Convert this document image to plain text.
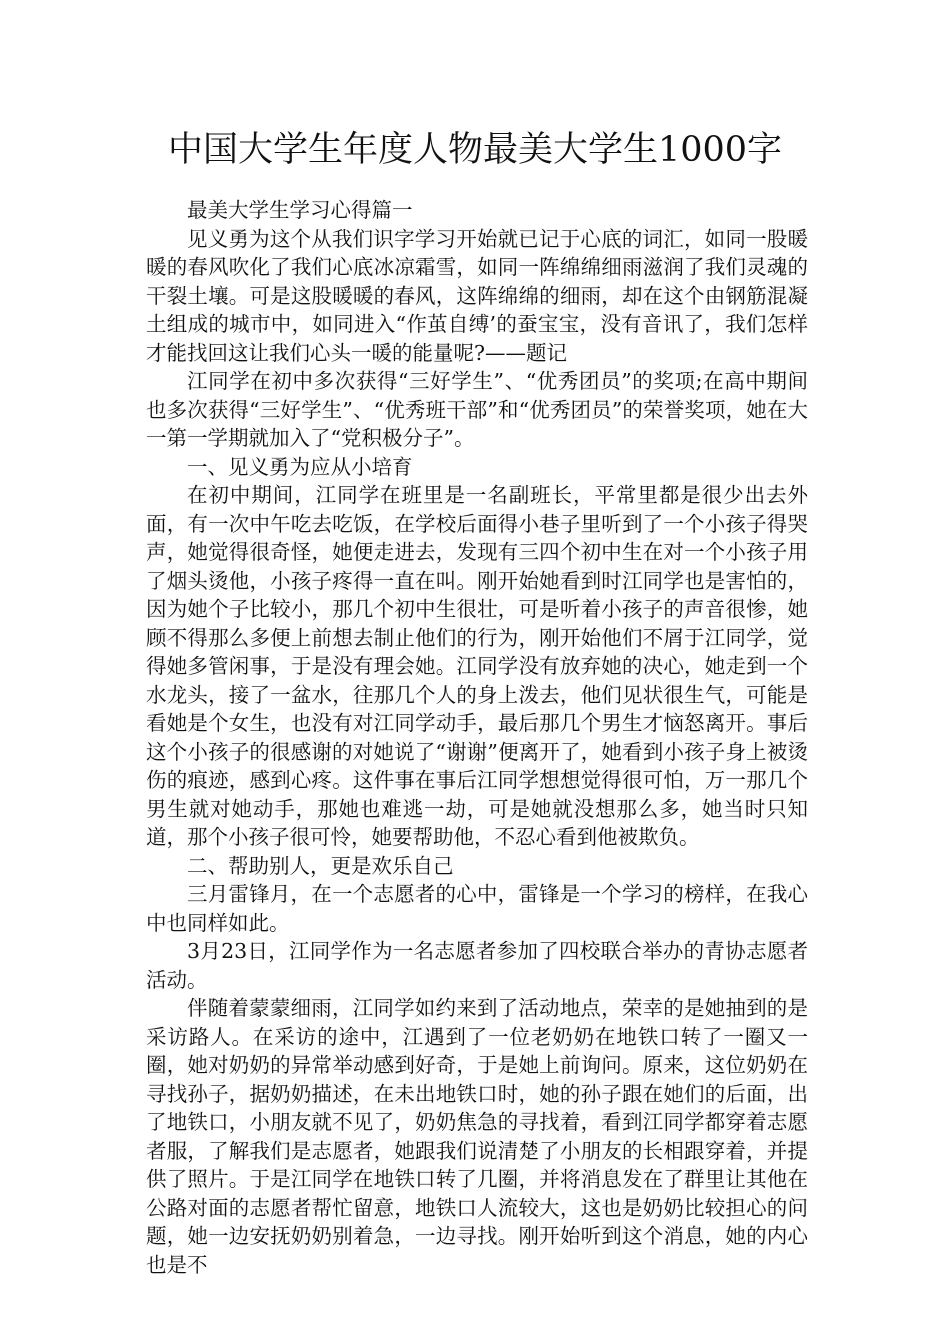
中国大学生年度人物最美大学生1000字

最美大学生学习心得篇一

见义勇为这个从我们识字学习开始就已记于心底的词汇，如同一股暖暖的春风吹化了我们心底冰凉霜雪，如同一阵绵绵细雨滋润了我们灵魂的干裂土壤。可是这股暖暖的春风，这阵绵绵的细雨，却在这个由钢筋混凝土组成的城市中，如同进入“作茧自缚’的蚕宝宝，没有音讯了，我们怎样才能找回这让我们心头一暖的能量呢?——题记

江同学在初中多次获得“三好学生”、“优秀团员”的奖项;在高中期间也多次获得“三好学生”、“优秀班干部”和“优秀团员”的荣誉奖项，她在大一第一学期就加入了“党积极分子”。

一、见义勇为应从小培育

在初中期间，江同学在班里是一名副班长，平常里都是很少出去外面，有一次中午吃去吃饭，在学校后面得小巷子里听到了一个小孩子得哭声，她觉得很奇怪，她便走进去，发现有三四个初中生在对一个小孩子用了烟头烫他，小孩子疼得一直在叫。刚开始她看到时江同学也是害怕的，因为她个子比较小，那几个初中生很壮，可是听着小孩子的声音很惨，她顾不得那么多便上前想去制止他们的行为，刚开始他们不屑于江同学，觉得她多管闲事，于是没有理会她。江同学没有放弃她的决心，她走到一个水龙头，接了一盆水，往那几个人的身上泼去，他们见状很生气，可能是看她是个女生，也没有对江同学动手，最后那几个男生才恼怒离开。事后这个小孩子的很感谢的对她说了“谢谢”便离开了，她看到小孩子身上被烫伤的痕迹，感到心疼。这件事在事后江同学想想觉得很可怕，万一那几个男生就对她动手，那她也难逃一劫，可是她就没想那么多，她当时只知道，那个小孩子很可怜，她要帮助他，不忍心看到他被欺负。

二、帮助别人，更是欢乐自己

三月雷锋月，在一个志愿者的心中，雷锋是一个学习的榜样，在我心中也同样如此。

3月23日，江同学作为一名志愿者参加了四校联合举办的青协志愿者活动。

伴随着蒙蒙细雨，江同学如约来到了活动地点，荣幸的是她抽到的是采访路人。在采访的途中，江遇到了一位老奶奶在地铁口转了一圈又一圈，她对奶奶的异常举动感到好奇，于是她上前询问。原来，这位奶奶在寻找孙子，据奶奶描述，在未出地铁口时，她的孙子跟在她们的后面，出了地铁口，小朋友就不见了，奶奶焦急的寻找着，看到江同学都穿着志愿者服，了解我们是志愿者，她跟我们说清楚了小朋友的长相跟穿着，并提供了照片。于是江同学在地铁口转了几圈，并将消息发在了群里让其他在公路对面的志愿者帮忙留意，地铁口人流较大，这也是奶奶比较担心的问题，她一边安抚奶奶别着急，一边寻找。刚开始听到这个消息，她的内心也是不
